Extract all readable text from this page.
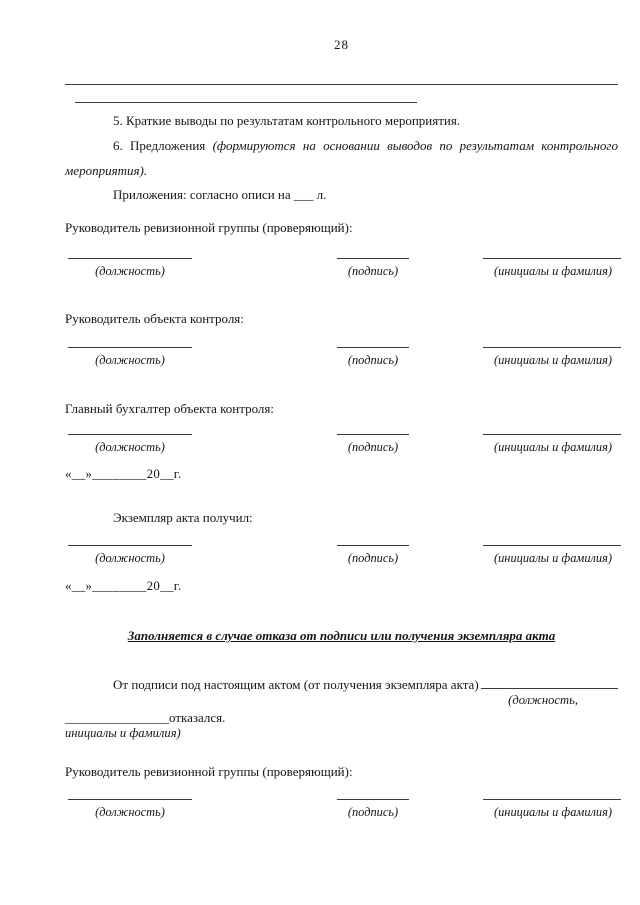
28
5. Краткие выводы по результатам контрольного мероприятия.
6. Предложения (формируются на основании выводов по результатам контрольного
мероприятия).
Приложения: согласно описи на ___ л.
Руководитель ревизионной группы (проверяющий):
(должность)	(подпись)	(инициалы и фамилия)
Руководитель объекта контроля:
(должность)	(подпись)	(инициалы и фамилия)
Главный бухгалтер объекта контроля:
(должность)	(подпись)	(инициалы и фамилия)
«__»________20__г.
Экземпляр акта получил:
(должность)	(подпись)	(инициалы и фамилия)
«__»________20__г.
Заполняется в случае отказа от подписи или получения экземпляра акта
От подписи под настоящим актом (от получения экземпляра акта)
(должность,
________________отказался.
инициалы и фамилия)
Руководитель ревизионной группы (проверяющий):
(должность)	(подпись)	(инициалы и фамилия)
